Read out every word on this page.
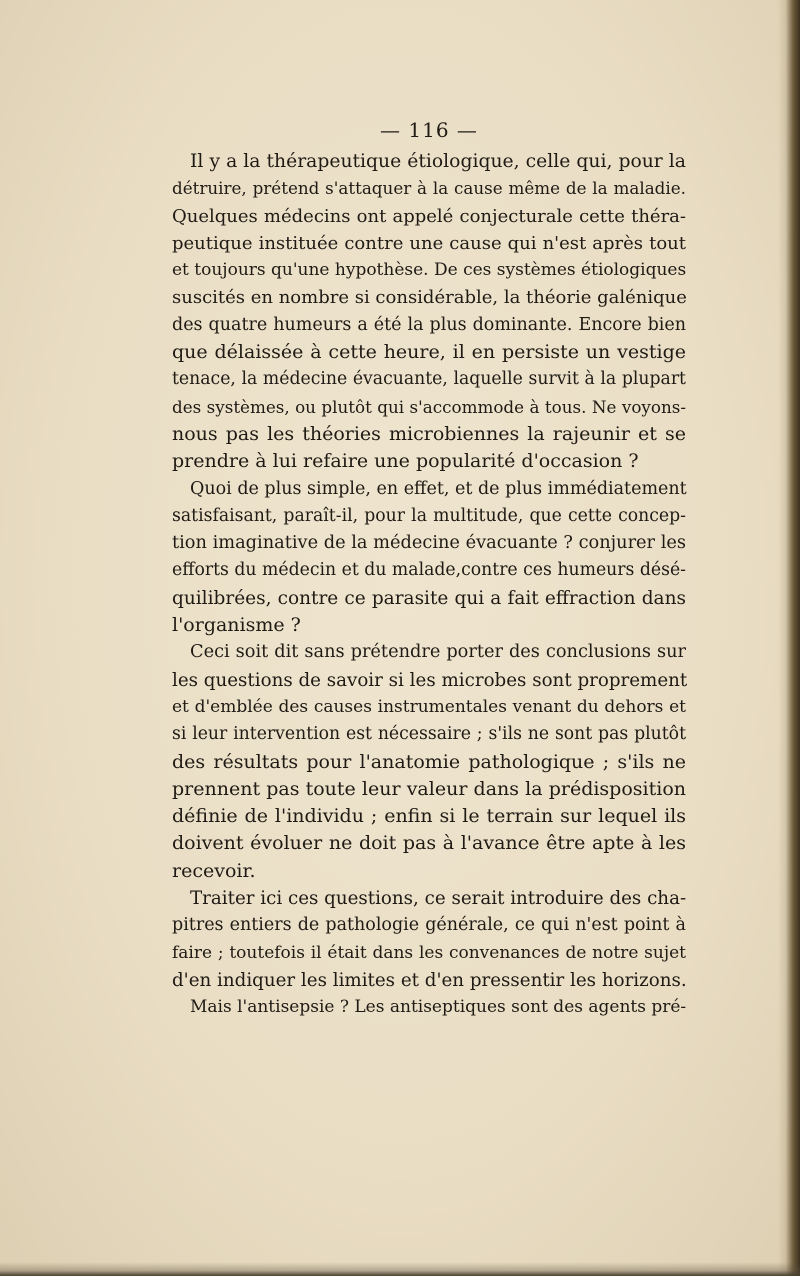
— 116 —
Il y a la thérapeutique étiologique, celle qui, pour la
détruire, prétend s'attaquer à la cause même de la maladie.
Quelques médecins ont appelé conjecturale cette théra-
peutique instituée contre une cause qui n'est après tout
et toujours qu'une hypothèse. De ces systèmes étiologiques
suscités en nombre si considérable, la théorie galénique
des quatre humeurs a été la plus dominante. Encore bien
que délaissée à cette heure, il en persiste un vestige
tenace, la médecine évacuante, laquelle survit à la plupart
des systèmes, ou plutôt qui s'accommode à tous. Ne voyons-
nous pas les théories microbiennes la rajeunir et se
prendre à lui refaire une popularité d'occasion ?
Quoi de plus simple, en effet, et de plus immédiatement
satisfaisant, paraît-il, pour la multitude, que cette concep-
tion imaginative de la médecine évacuante ? conjurer les
efforts du médecin et du malade,contre ces humeurs désé-
quilibrées, contre ce parasite qui a fait effraction dans
l'organisme ?
Ceci soit dit sans prétendre porter des conclusions sur
les questions de savoir si les microbes sont proprement
et d'emblée des causes instrumentales venant du dehors et
si leur intervention est nécessaire ; s'ils ne sont pas plutôt
des résultats pour l'anatomie pathologique ; s'ils ne
prennent pas toute leur valeur dans la prédisposition
définie de l'individu ; enfin si le terrain sur lequel ils
doivent évoluer ne doit pas à l'avance être apte à les
recevoir.
Traiter ici ces questions, ce serait introduire des cha-
pitres entiers de pathologie générale, ce qui n'est point à
faire ; toutefois il était dans les convenances de notre sujet
d'en indiquer les limites et d'en pressentir les horizons.
Mais l'antisepsie ? Les antiseptiques sont des agents pré-
